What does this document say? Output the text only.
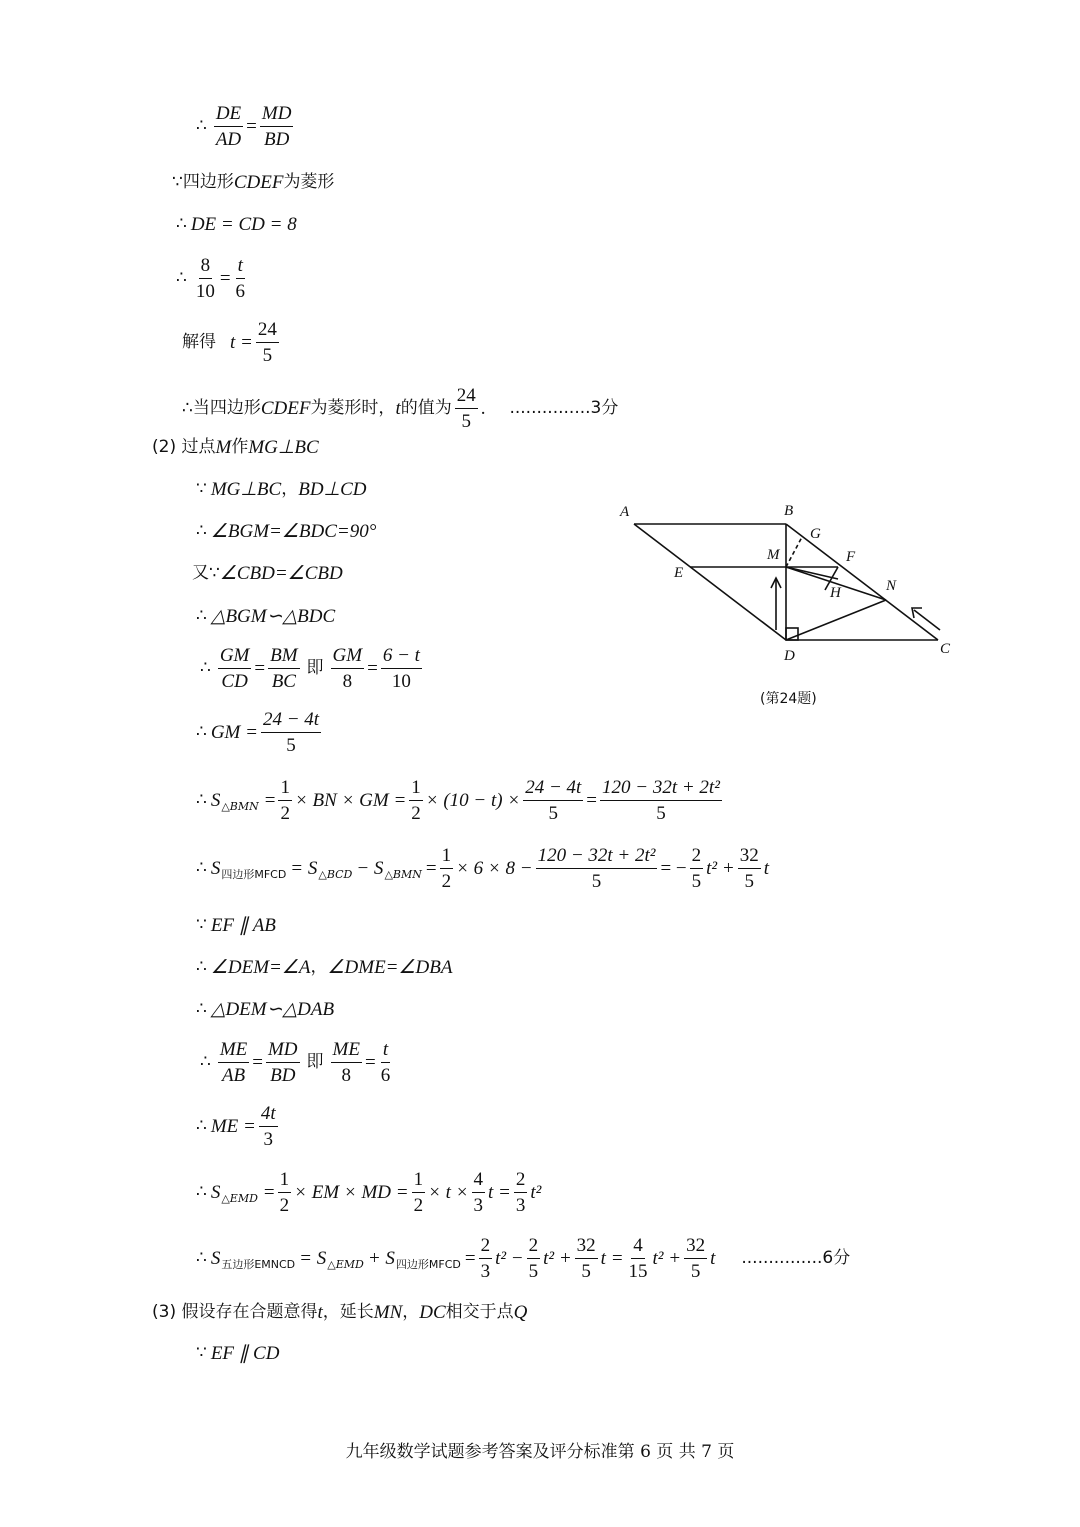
∴ $\frac{DE}{AD} = \frac{MD}{BD}$
∵四边形 CDEF 为菱形
∴ DE = CD = 8
∴ $\frac{8}{10} = \frac{t}{6}$
解得 $t = \frac{24}{5}$
∴当四边形 CDEF 为菱形时， t 的值为 $\frac{24}{5}$ . ...............3分
(2) 过点 M 作 MG⊥BC
∵ MG⊥BC ， BD⊥CD
∴ ∠BGM=∠BDC=90°
又∵ ∠CBD=∠CBD
∴ △BGM∽△BDC
∴ $\frac{GM}{CD} = \frac{BM}{BC}$ 即 $\frac{GM}{8} = \frac{6 - t}{10}$
∴ GM = $\frac{24 - 4t}{5}$
∴ S △BMN = $\frac{1}{2}$ × BN × GM = $\frac{1}{2} \times (10 - t) \times \frac{24 - 4t}{5} = \frac{\text{120 − 32t + 2t²}}{5}$
∴ S 四边形MFCD = S △BCD − S △BMN = $\frac{1}{2} \times 6 \times 8 - \frac{\text{120 − 32t + 2t²}}{5}$ = − $\frac{2}{5} t^2 + \frac{32}{5}$ t
∵ EF ∥ AB
∴ ∠DEM=∠A ， ∠DME=∠DBA
∴ △DEM∽△DAB
∴ $\frac{ME}{AB} = \frac{MD}{BD}$ 即 $\frac{ME}{8} = \frac{t}{6}$
∴ ME = $\frac{4t}{3}$
∴ S △EMD = $\frac{1}{2}$ × EM × MD = $\frac{1}{2} \times t \times \frac{4}{3}$ $t = \frac{2}{3} t^2$
∴ S 五边形EMNCD = S △EMD + S 四边形MFCD = $\frac{2}{3} t^2 - \frac{2}{5} t^2 + \frac{32}{5}$ $t = \frac{4}{15} t^2 + \frac{32}{5}$ t ...............6分
(3) 假设存在合题意得 t ，延长 MN ， DC 相交于点 Q
∵ EF ∥ CD
A	B
G
M	F
E
H	N
D	C
(第24题)
九年级数学试题参考答案及评分标准第 6 页 共 7 页
